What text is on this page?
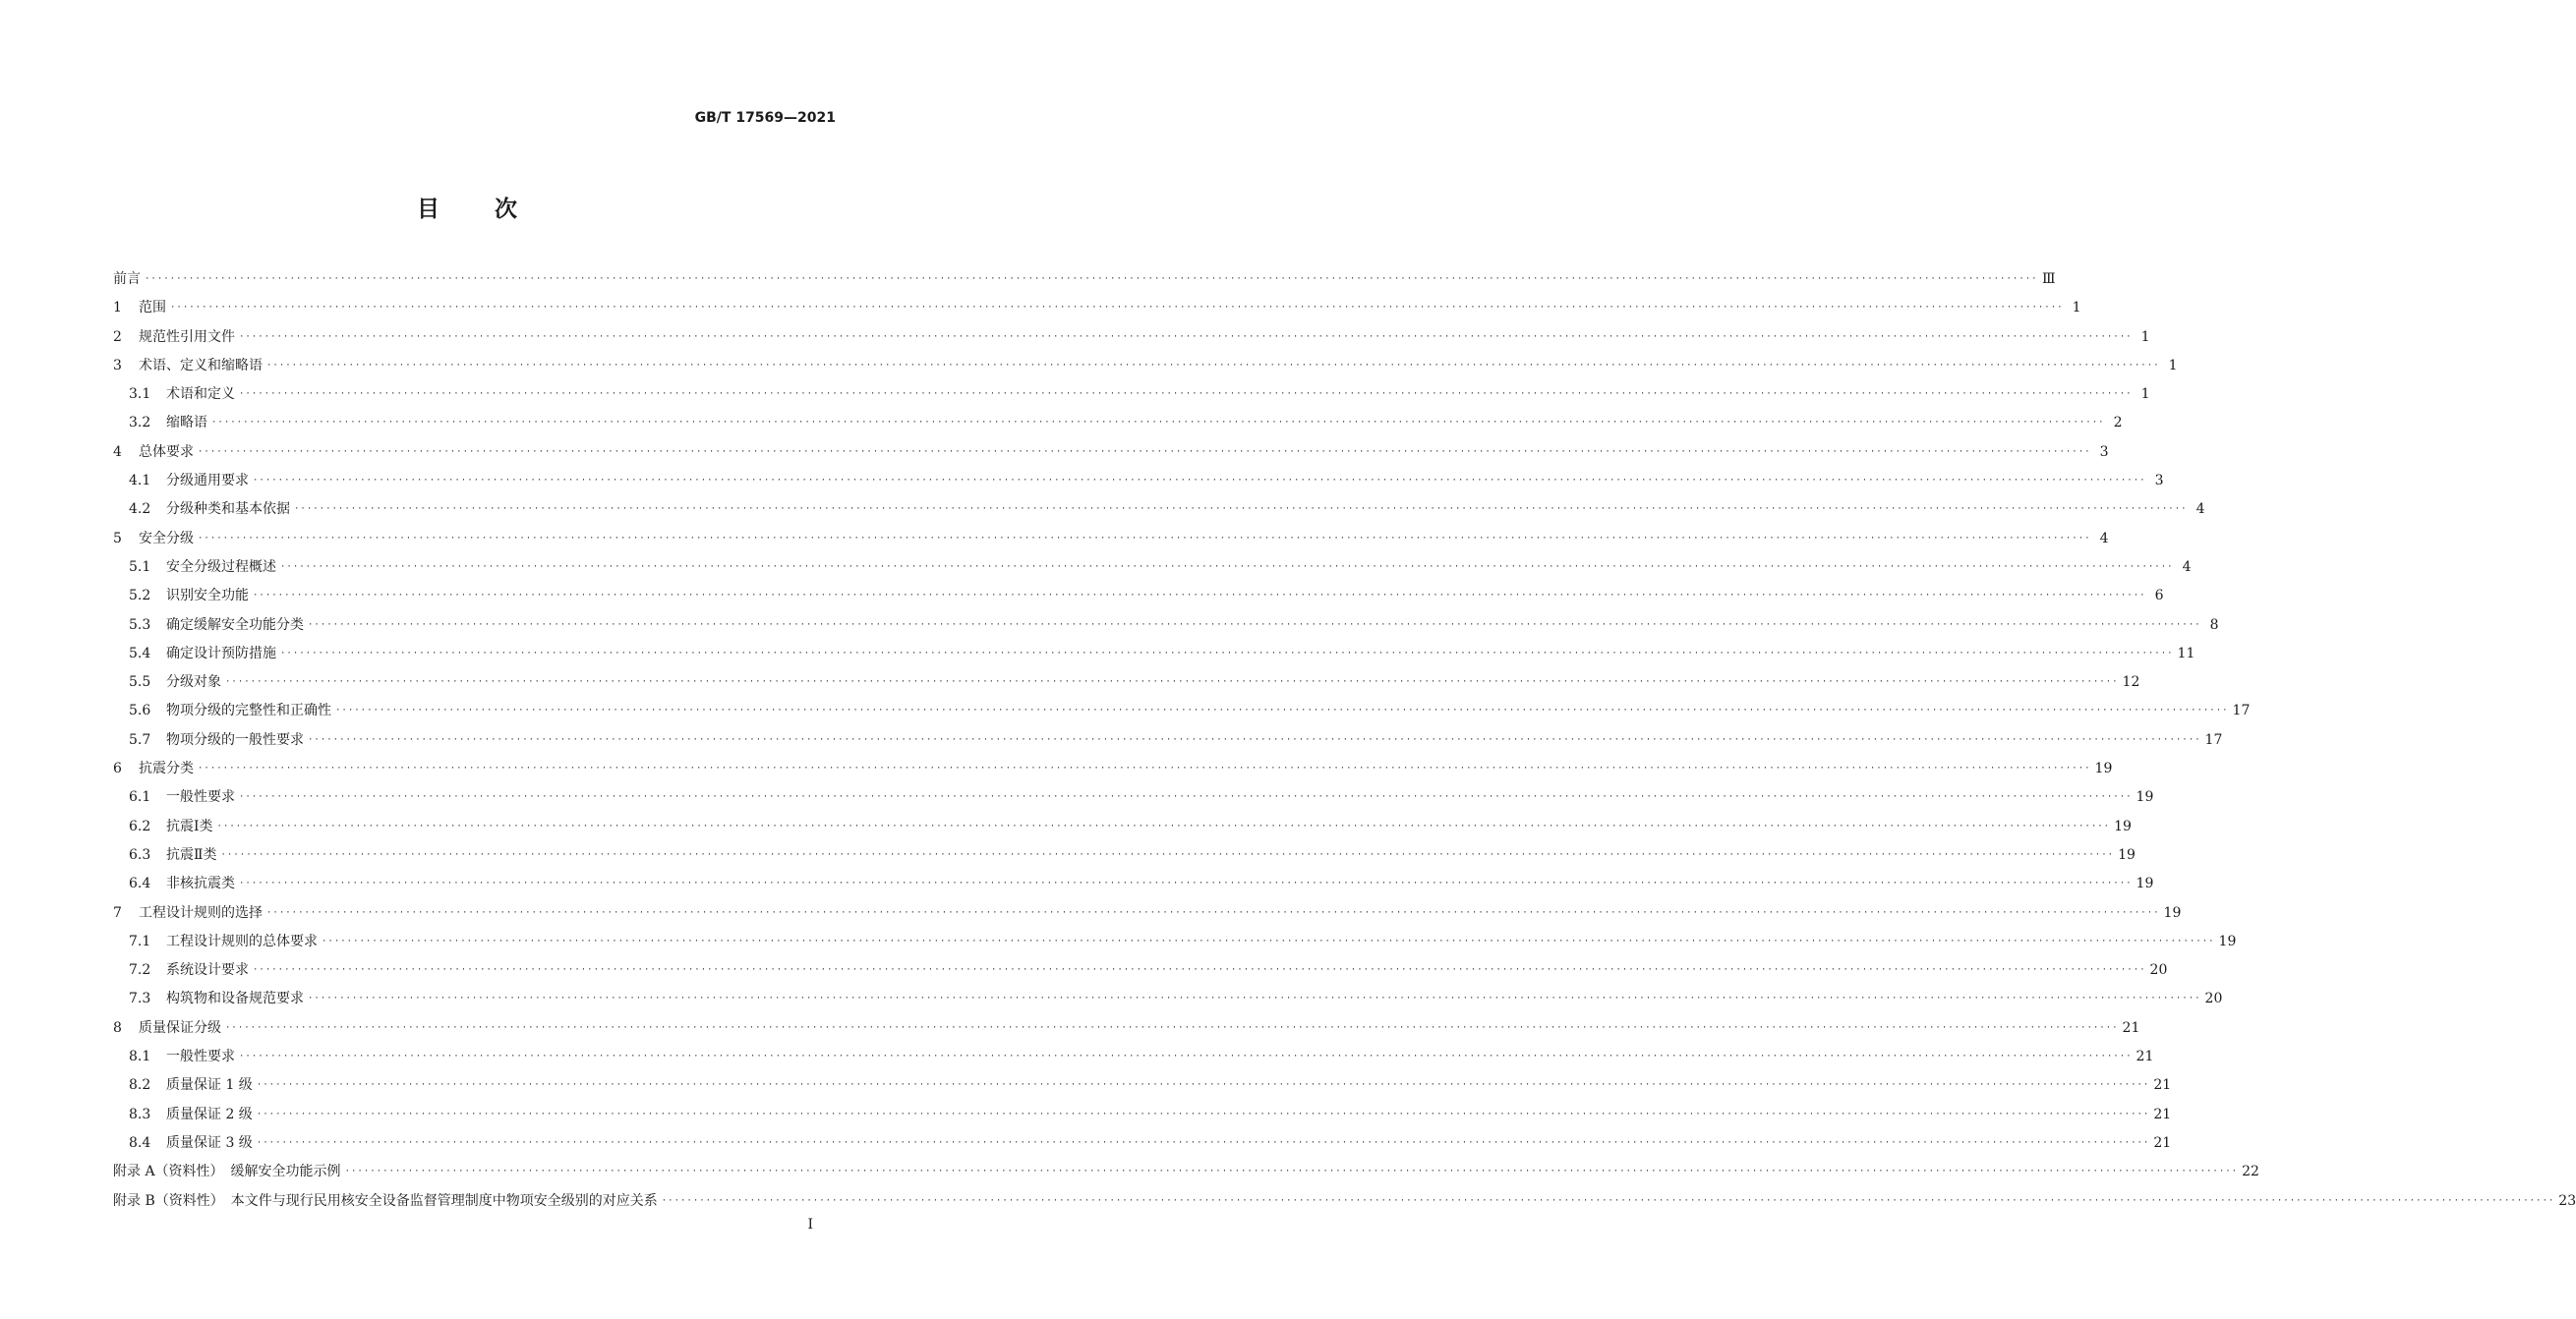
GB/T 17569—2021
目 次
前言 ············································································································································································································································································································ Ⅲ
1	范围 ············································································································································································································································································································ 1
2	规范性引用文件 ············································································································································································································································································································ 1
3	术语、定义和缩略语 ············································································································································································································································································································ 1
3.1	术语和定义 ············································································································································································································································································································ 1
3.2	缩略语 ············································································································································································································································································································ 2
4	总体要求 ············································································································································································································································································································ 3
4.1	分级通用要求 ············································································································································································································································································································ 3
4.2	分级种类和基本依据 ············································································································································································································································································································ 4
5	安全分级 ············································································································································································································································································································ 4
5.1	安全分级过程概述 ············································································································································································································································································································ 4
5.2	识别安全功能 ············································································································································································································································································································ 6
5.3	确定缓解安全功能分类 ············································································································································································································································································································ 8
5.4	确定设计预防措施 ············································································································································································································································································································ 11
5.5	分级对象 ············································································································································································································································································································ 12
5.6	物项分级的完整性和正确性 ············································································································································································································································································································ 17
5.7	物项分级的一般性要求 ············································································································································································································································································································ 17
6	抗震分类 ············································································································································································································································································································ 19
6.1	一般性要求 ············································································································································································································································································································ 19
6.2	抗震Ⅰ类 ············································································································································································································································································································ 19
6.3	抗震Ⅱ类 ············································································································································································································································································································ 19
6.4	非核抗震类 ············································································································································································································································································································ 19
7	工程设计规则的选择 ············································································································································································································································································································ 19
7.1	工程设计规则的总体要求 ············································································································································································································································································································ 19
7.2	系统设计要求 ············································································································································································································································································································ 20
7.3	构筑物和设备规范要求 ············································································································································································································································································································ 20
8	质量保证分级 ············································································································································································································································································································ 21
8.1	一般性要求 ············································································································································································································································································································ 21
8.2	质量保证 1 级 ············································································································································································································································································································ 21
8.3	质量保证 2 级 ············································································································································································································································································································ 21
8.4	质量保证 3 级 ············································································································································································································································································································ 21
附录 A（资料性）　缓解安全功能示例 ············································································································································································································································································································ 22
附录 B（资料性）　本文件与现行民用核安全设备监督管理制度中物项安全级别的对应关系 ············································································································································································································································································································ 23
I
